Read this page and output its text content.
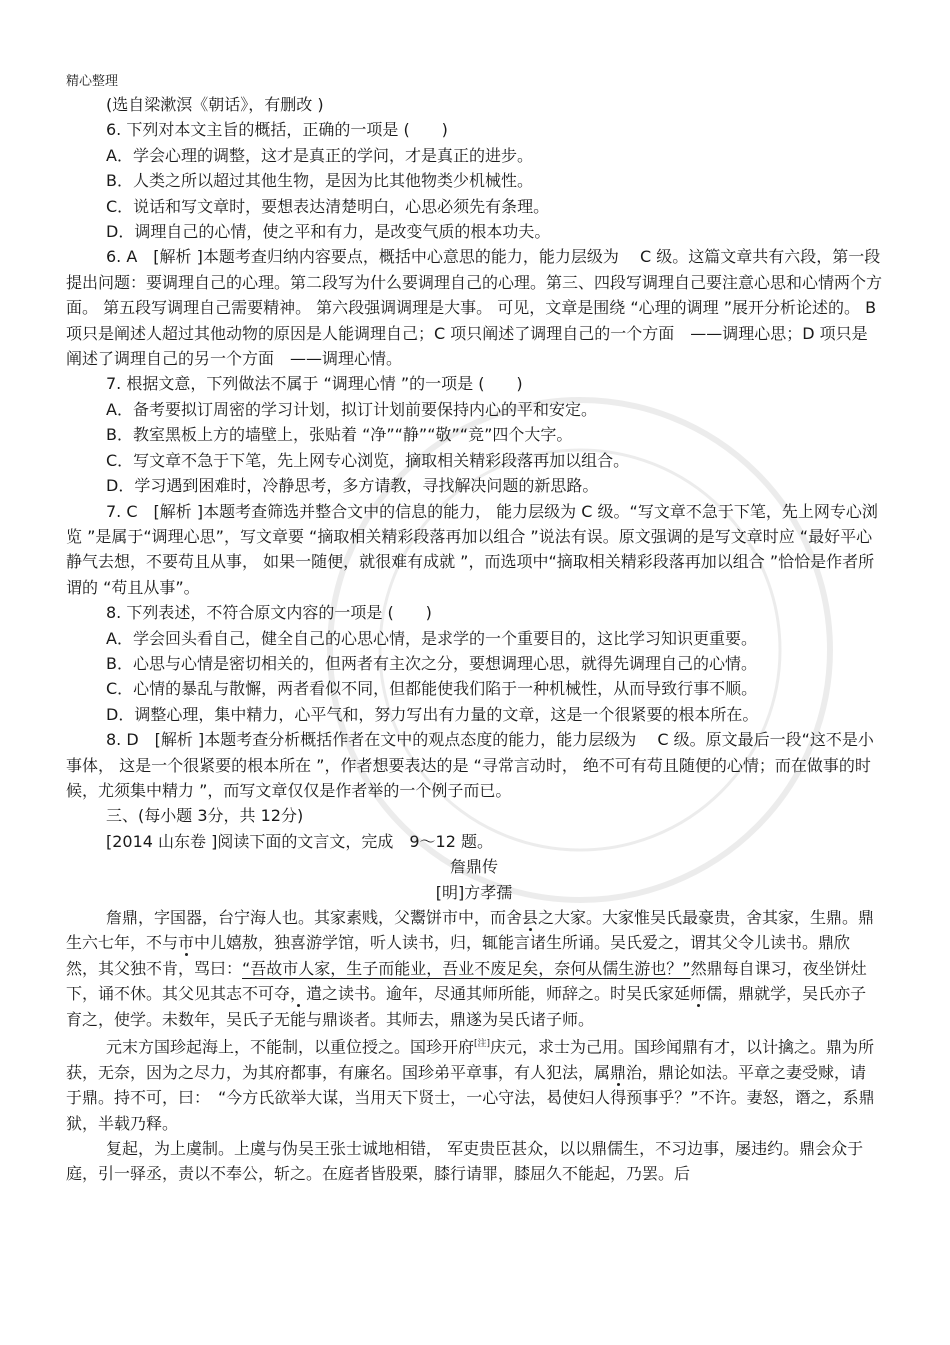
精心整理

(选自梁漱溟《朝话》，有删改 )

6. 下列对本文主旨的概括，正确的一项是 (　　)

A．学会心理的调整，这才是真正的学问，才是真正的进步。

B．人类之所以超过其他生物，是因为比其他物类少机械性。

C．说话和写文章时，要想表达清楚明白，心思必须先有条理。

D．调理自己的心情，使之平和有力，是改变气质的根本功夫。

6. A　[解析 ]本题考查归纳内容要点，概括中心意思的能力，能力层级为　 C 级。这篇文章共有六段，第一段提出问题：要调理自己的心理。第二段写为什么要调理自己的心理。第三、四段写调理自己要注意心思和心情两个方面。 第五段写调理自己需要精神。 第六段强调调理是大事。 可见，文章是围绕 “心理的调理 ”展开分析论述的。 B 项只是阐述人超过其他动物的原因是人能调理自己；C 项只阐述了调理自己的一个方面　——调理心思；D 项只是阐述了调理自己的另一个方面　——调理心情。

7. 根据文意，下列做法不属于 “调理心情 ”的一项是 (　　)

A．备考要拟订周密的学习计划，拟订计划前要保持内心的平和安定。

B．教室黑板上方的墙壁上，张贴着 “净”“静”“敬”“竞”四个大字。

C．写文章不急于下笔，先上网专心浏览，摘取相关精彩段落再加以组合。

D．学习遇到困难时，冷静思考，多方请教，寻找解决问题的新思路。

7. C　[解析 ]本题考查筛选并整合文中的信息的能力， 能力层级为 C 级。“写文章不急于下笔，先上网专心浏览 ”是属于“调理心思”，写文章要 “摘取相关精彩段落再加以组合 ”说法有误。原文强调的是写文章时应 “最好平心静气去想，不要苟且从事， 如果一随便，就很难有成就 ”，而选项中“摘取相关精彩段落再加以组合 ”恰恰是作者所谓的 “苟且从事”。

8. 下列表述，不符合原文内容的一项是 (　　)

A．学会回头看自己，健全自己的心思心情，是求学的一个重要目的，这比学习知识更重要。

B．心思与心情是密切相关的，但两者有主次之分，要想调理心思，就得先调理自己的心情。

C．心情的暴乱与散懈，两者看似不同，但都能使我们陷于一种机械性，从而导致行事不顺。

D．调整心理，集中精力，心平气和，努力写出有力量的文章，这是一个很紧要的根本所在。

8. D　[解析 ]本题考查分析概括作者在文中的观点态度的能力，能力层级为　 C 级。原文最后一段“这不是小事体， 这是一个很紧要的根本所在 ”，作者想要表达的是 “寻常言动时， 绝不可有苟且随便的心情；而在做事的时候，尤须集中精力 ”，而写文章仅仅是作者举的一个例子而已。

三、(每小题 3分，共 12分)

[2014 山东卷 ]阅读下面的文言文，完成　9～12 题。

詹鼎传

[明]方孝孺

詹鼎，字国器，台宁海人也。其家素贱，父鬻饼市中，而舍县之大家。大家惟吴氏最豪贵，舍其家，生鼎。鼎生六七年，不与市中儿嬉敖，独喜游学馆，听人读书，归，辄能言诸生所诵。吴氏爱之，谓其父令儿读书。鼎欣然，其父独不肯，骂曰：“吾故市人家，生子而能业，吾业不废足矣，奈何从儒生游也？”然鼎每自课习，夜坐饼灶下，诵不休。其父见其志不可夺，遣之读书。逾年，尽通其师所能，师辞之。时吴氏家延师儒，鼎就学，吴氏亦子育之，使学。未数年，吴氏子无能与鼎谈者。其师去，鼎遂为吴氏诸子师。

元末方国珍起海上，不能制，以重位授之。国珍开府[注]庆元，求士为己用。国珍闻鼎有才，以计擒之。鼎为所获，无奈，因为之尽力，为其府都事，有廉名。国珍弟平章事，有人犯法，属鼎治，鼎论如法。平章之妻受赇，请于鼎。持不可，曰：　“今方氏欲举大谋，当用天下贤士，一心守法，曷使妇人得预事乎？”不许。妻怒，谮之，系鼎狱，半载乃释。

复起，为上虞制。上虞与伪吴王张士诚地相错， 军吏贵臣甚众，以以鼎儒生，不习边事，屡违约。鼎会众于庭，引一驿丞，责以不奉公，斩之。在庭者皆股栗，膝行请罪，膝屈久不能起，乃罢。后
